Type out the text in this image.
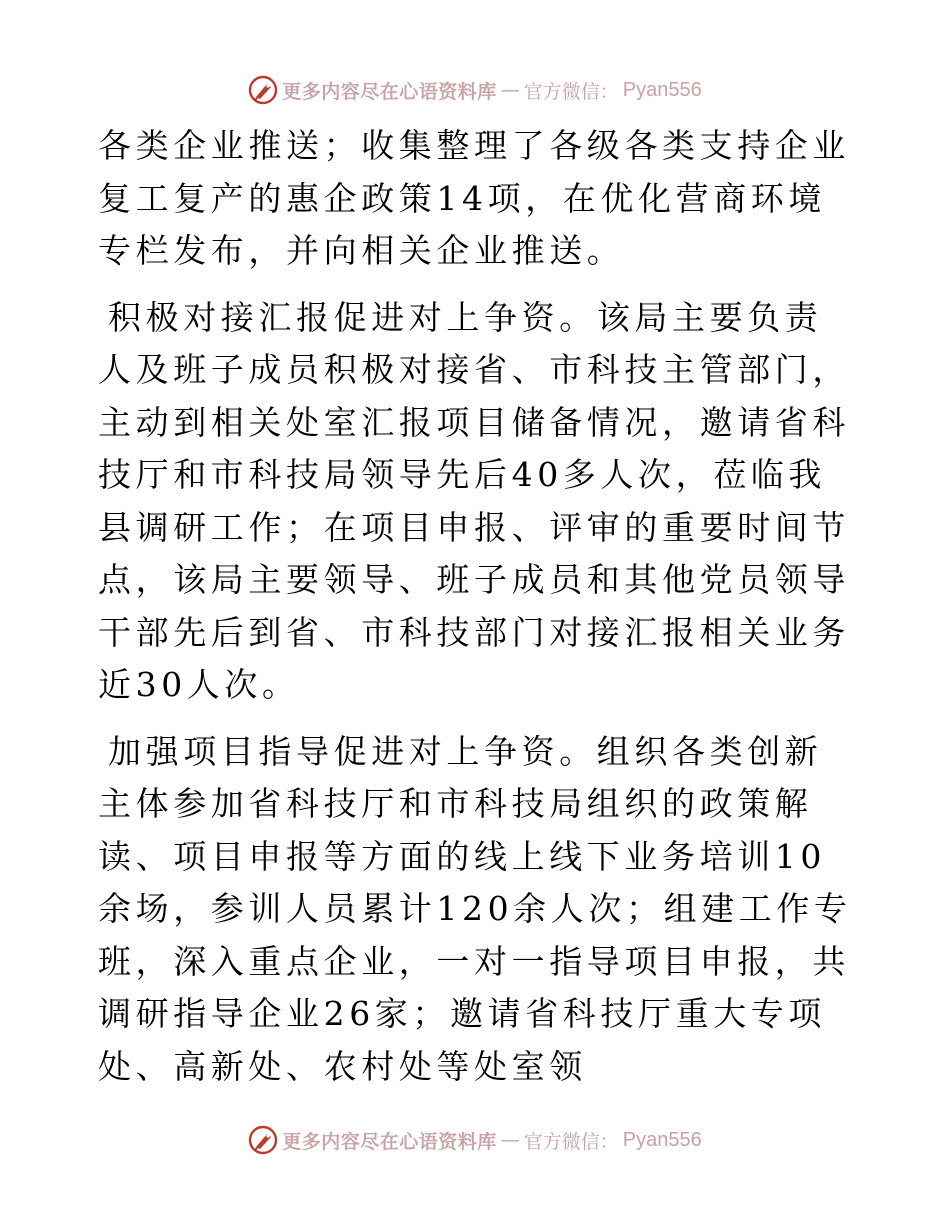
更多内容尽在心语资料库 — 官方微信： Pyan556

各类企业推送；收集整理了各级各类支持企业复工复产的惠企政策14项，在优化营商环境专栏发布，并向相关企业推送。

积极对接汇报促进对上争资。该局主要负责人及班子成员积极对接省、市科技主管部门，主动到相关处室汇报项目储备情况，邀请省科技厅和市科技局领导先后40多人次，莅临我县调研工作；在项目申报、评审的重要时间节点，该局主要领导、班子成员和其他党员领导干部先后到省、市科技部门对接汇报相关业务近30人次。

加强项目指导促进对上争资。组织各类创新主体参加省科技厅和市科技局组织的政策解读、项目申报等方面的线上线下业务培训10余场，参训人员累计120余人次；组建工作专班，深入重点企业，一对一指导项目申报，共调研指导企业26家；邀请省科技厅重大专项处、高新处、农村处等处室领

更多内容尽在心语资料库 — 官方微信： Pyan556
